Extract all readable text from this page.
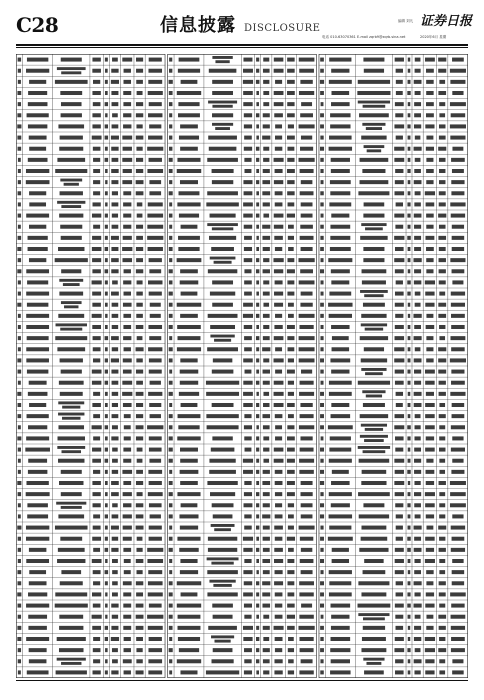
C28	信息披露 DISCLOSURE
编辑 刘凡
电话 010-63070361 E-mail zqrb9@zqrb.sina.net
证券日报
2020年6月 星期
